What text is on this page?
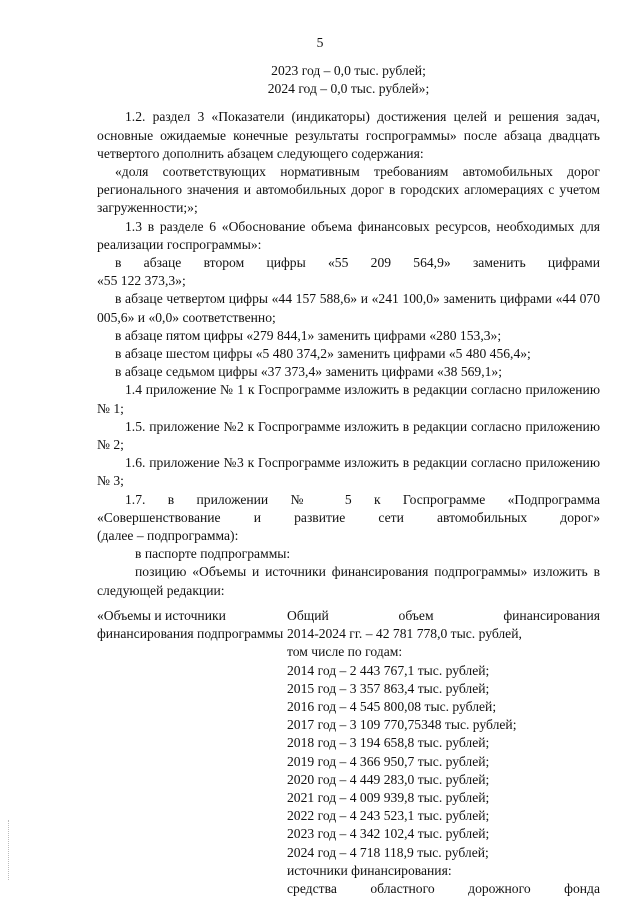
5

2023 год – 0,0 тыс. рублей;

2024 год – 0,0 тыс. рублей»;

1.2. раздел 3 «Показатели (индикаторы) достижения целей и решения задач, основные ожидаемые конечные результаты госпрограммы» после абзаца двадцать четвертого дополнить абзацем следующего содержания:

«доля соответствующих нормативным требованиям автомобильных дорог регионального значения и автомобильных дорог в городских агломерациях с учетом загруженности;»;

1.3 в разделе 6 «Обоснование объема финансовых ресурсов, необходимых для реализации госпрограммы»:

в абзаце втором цифры «55 209 564,9» заменить цифрами

«55 122 373,3»;

в абзаце четвертом цифры «44 157 588,6» и «241 100,0» заменить цифрами «44 070 005,6» и «0,0» соответственно;

в абзаце пятом цифры «279 844,1» заменить цифрами «280 153,3»;

в абзаце шестом цифры «5 480 374,2» заменить цифрами «5 480 456,4»;

в абзаце седьмом цифры «37 373,4» заменить цифрами «38 569,1»;

1.4 приложение № 1 к Госпрограмме изложить в редакции согласно приложению № 1;

1.5. приложение №2 к Госпрограмме изложить в редакции согласно приложению № 2;

1.6. приложение №3 к Госпрограмме изложить в редакции согласно приложению № 3;

1.7. в приложении № 5 к Госпрограмме «Подпрограмма

«Совершенствование и развитие сети автомобильных дорог»

(далее – подпрограмма):

в паспорте подпрограммы:

позицию «Объемы и источники финансирования подпрограммы» изложить в следующей редакции:

«Объемы и источники финансирования подпрограммы

Общий объем финансирования

2014-2024 гг. – 42 781 778,0 тыс. рублей,

том числе по годам:

2014 год – 2 443 767,1 тыс. рублей;

2015 год – 3 357 863,4 тыс. рублей;

2016 год – 4 545 800,08 тыс. рублей;

2017 год – 3 109 770,75348 тыс. рублей;

2018 год – 3 194 658,8 тыс. рублей;

2019 год – 4 366 950,7 тыс. рублей;

2020 год – 4 449 283,0 тыс. рублей;

2021 год – 4 009 939,8 тыс. рублей;

2022 год – 4 243 523,1 тыс. рублей;

2023 год – 4 342 102,4 тыс. рублей;

2024 год – 4 718 118,9 тыс. рублей;

источники финансирования:

средства областного дорожного фонда
